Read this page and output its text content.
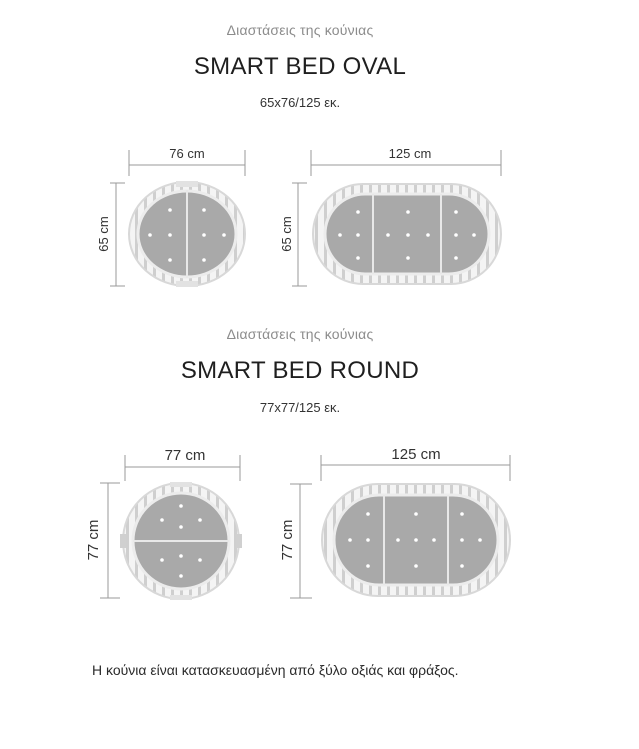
Διαστάσεις της κούνιας
SMART BED OVAL
65x76/125 εκ.
76 cm
65 cm
125 cm
65 cm
77 cm
77 cm
125 cm
77 cm
Διαστάσεις της κούνιας
SMART BED ROUND
77x77/125 εκ.
Η κούνια είναι κατασκευασμένη από ξύλο οξιάς και φράξος.
